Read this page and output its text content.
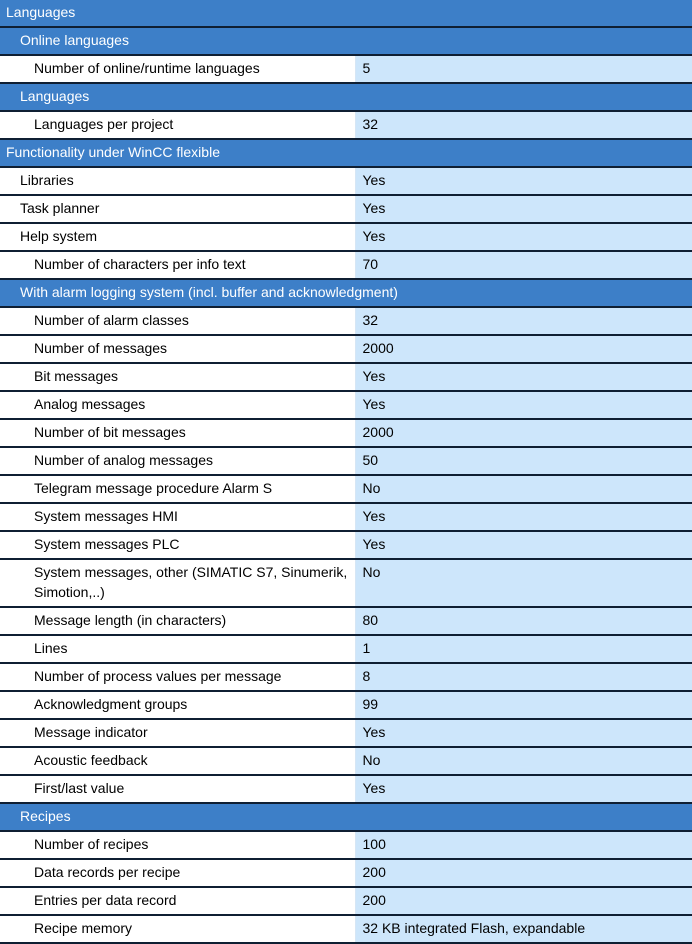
Languages	
Online languages	
Number of online/runtime languages	5
Languages	
Languages per project	32
Functionality under WinCC flexible	
Libraries	Yes
Task planner	Yes
Help system	Yes
Number of characters per info text	70
With alarm logging system (incl. buffer and acknowledgment)	
Number of alarm classes	32
Number of messages	2000
Bit messages	Yes
Analog messages	Yes
Number of bit messages	2000
Number of analog messages	50
Telegram message procedure Alarm S	No
System messages HMI	Yes
System messages PLC	Yes
System messages, other (SIMATIC S7, Sinumerik, Simotion,..)	No
Message length (in characters)	80
Lines	1
Number of process values per message	8
Acknowledgment groups	99
Message indicator	Yes
Acoustic feedback	No
First/last value	Yes
Recipes	
Number of recipes	100
Data records per recipe	200
Entries per data record	200
Recipe memory	32 KB integrated Flash, expandable
